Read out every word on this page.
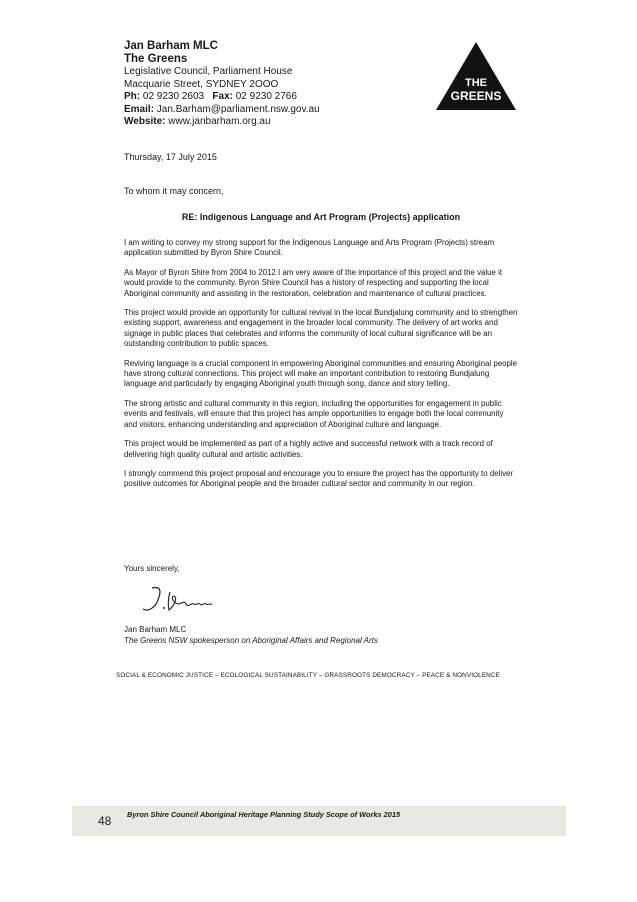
Jan Barham MLC
The Greens
Legislative Council, Parliament House
Macquarie Street, SYDNEY 2OOO
Ph: 02 9230 2603 Fax: 02 9230 2766
Email: Jan.Barham@parliament.nsw.gov.au
Website: www.janbarham.org.au
THE
GREENS
Thursday, 17 July 2015
To whom it may concern,
RE: Indigenous Language and Art Program (Projects) application

I am writing to convey my strong support for the Indigenous Language and Arts Program (Projects) stream application submitted by Byron Shire Council.

As Mayor of Byron Shire from 2004 to 2012 I am very aware of the importance of this project and the value it would provide to the community. Byron Shire Council has a history of respecting and supporting the local Aboriginal community and assisting in the restoration, celebration and maintenance of cultural practices.

This project would provide an opportunity for cultural revival in the local Bundjalung community and to strengthen existing support, awareness and engagement in the broader local community. The delivery of art works and signage in public places that celebrates and informs the community of local cultural significance will be an outstanding contribution to public spaces.

Reviving language is a crucial component in empowering Aboriginal communities and ensuring Aboriginal people have strong cultural connections. This project will make an important contribution to restoring Bundjalung language and particularly by engaging Aboriginal youth through song, dance and story telling.

The strong artistic and cultural community in this region, including the opportunities for engagement in public events and festivals, will ensure that this project has ample opportunities to engage both the local community and visitors, enhancing understanding and appreciation of Aboriginal culture and language.

This project would be implemented as part of a highly active and successful network with a track record of delivering high quality cultural and artistic activities.

I strongly commend this project proposal and encourage you to ensure the project has the opportunity to deliver positive outcomes for Aboriginal people and the broader cultural sector and community in our region.

Yours sincerely,
Jan Barham MLC
The Greens NSW spokesperson on Aboriginal Affairs and Regional Arts
SOCIAL & ECONOMIC JUSTICE – ECOLOGICAL SUSTAINABILITY – GRASSROOTS DEMOCRACY – PEACE & NONVIOLENCE
48 Byron Shire Council Aboriginal Heritage Planning Study Scope of Works 2015
